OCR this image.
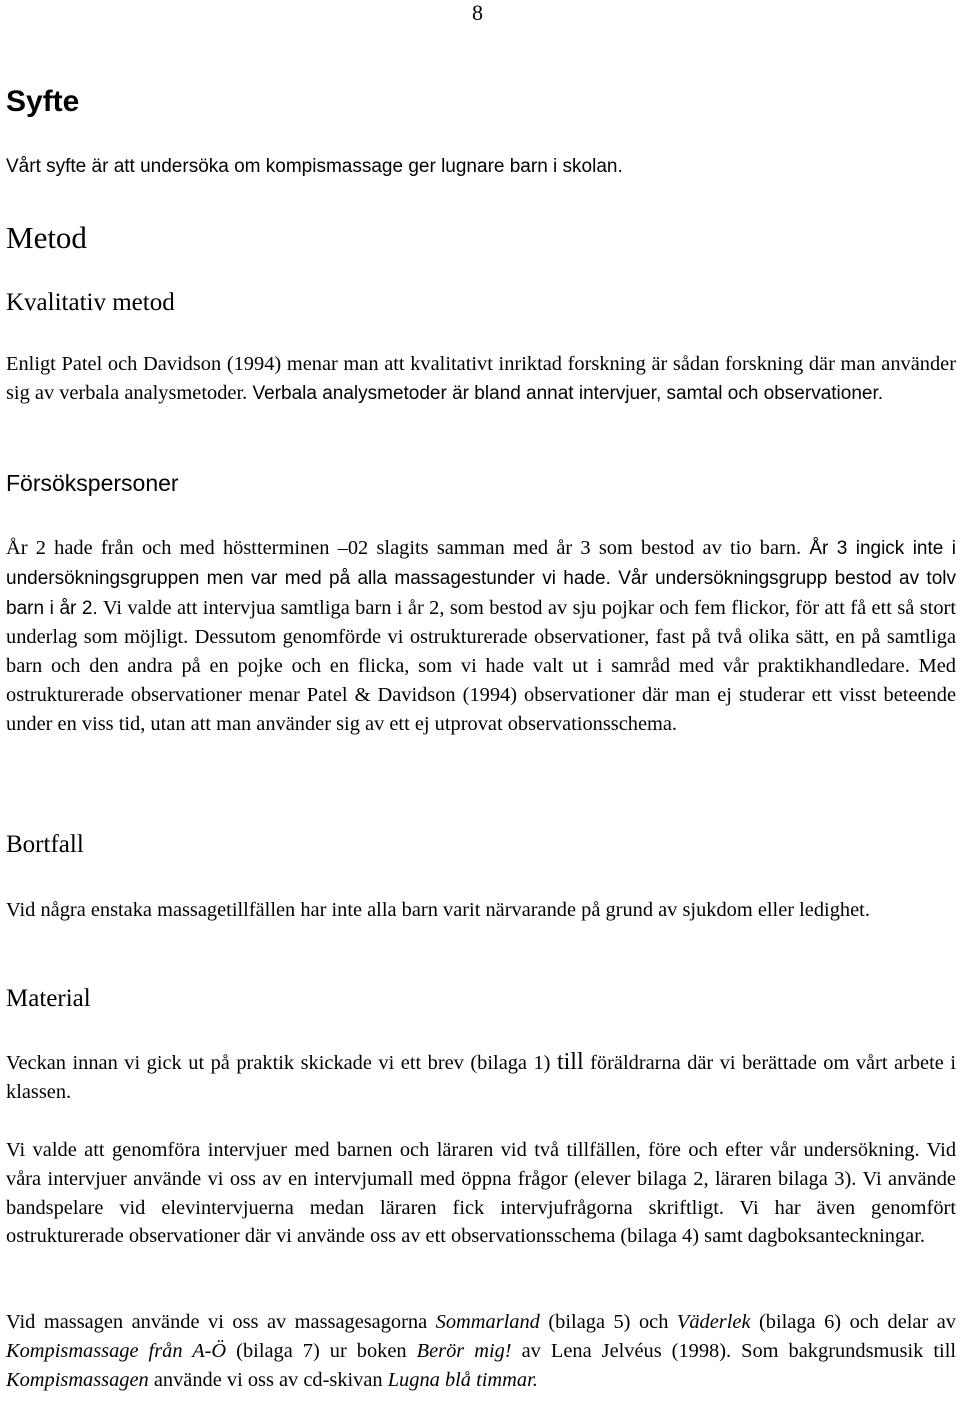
8
Syfte

Vårt syfte är att undersöka om kompismassage ger lugnare barn i skolan.

Metod
Kvalitativ metod

Enligt Patel och Davidson (1994) menar man att kvalitativt inriktad forskning är sådan forskning där man använder sig av verbala analysmetoder. Verbala analysmetoder är bland annat intervjuer, samtal och observationer.

Försökspersoner

År 2 hade från och med höstterminen –02 slagits samman med år 3 som bestod av tio barn. År 3 ingick inte i undersökningsgruppen men var med på alla massagestunder vi hade. Vår undersökningsgrupp bestod av tolv barn i år 2. Vi valde att intervjua samtliga barn i år 2, som bestod av sju pojkar och fem flickor, för att få ett så stort underlag som möjligt. Dessutom genomförde vi ostrukturerade observationer, fast på två olika sätt, en på samtliga barn och den andra på en pojke och en flicka, som vi hade valt ut i samråd med vår praktikhandledare. Med ostrukturerade observationer menar Patel & Davidson (1994) observationer där man ej studerar ett visst beteende under en viss tid, utan att man använder sig av ett ej utprovat observationsschema.

Bortfall

Vid några enstaka massagetillfällen har inte alla barn varit närvarande på grund av sjukdom eller ledighet.

Material

Veckan innan vi gick ut på praktik skickade vi ett brev (bilaga 1) till föräldrarna där vi berättade om vårt arbete i klassen.

Vi valde att genomföra intervjuer med barnen och läraren vid två tillfällen, före och efter vår undersökning. Vid våra intervjuer använde vi oss av en intervjumall med öppna frågor (elever bilaga 2, läraren bilaga 3). Vi använde bandspelare vid elevintervjuerna medan läraren fick intervjufrågorna skriftligt. Vi har även genomfört ostrukturerade observationer där vi använde oss av ett observationsschema (bilaga 4) samt dagboksanteckningar.

Vid massagen använde vi oss av massagesagorna Sommarland (bilaga 5) och Väderlek (bilaga 6) och delar av Kompismassage från A-Ö (bilaga 7) ur boken Berör mig! av Lena Jelvéus (1998). Som bakgrundsmusik till Kompismassagen använde vi oss av cd-skivan Lugna blå timmar.
